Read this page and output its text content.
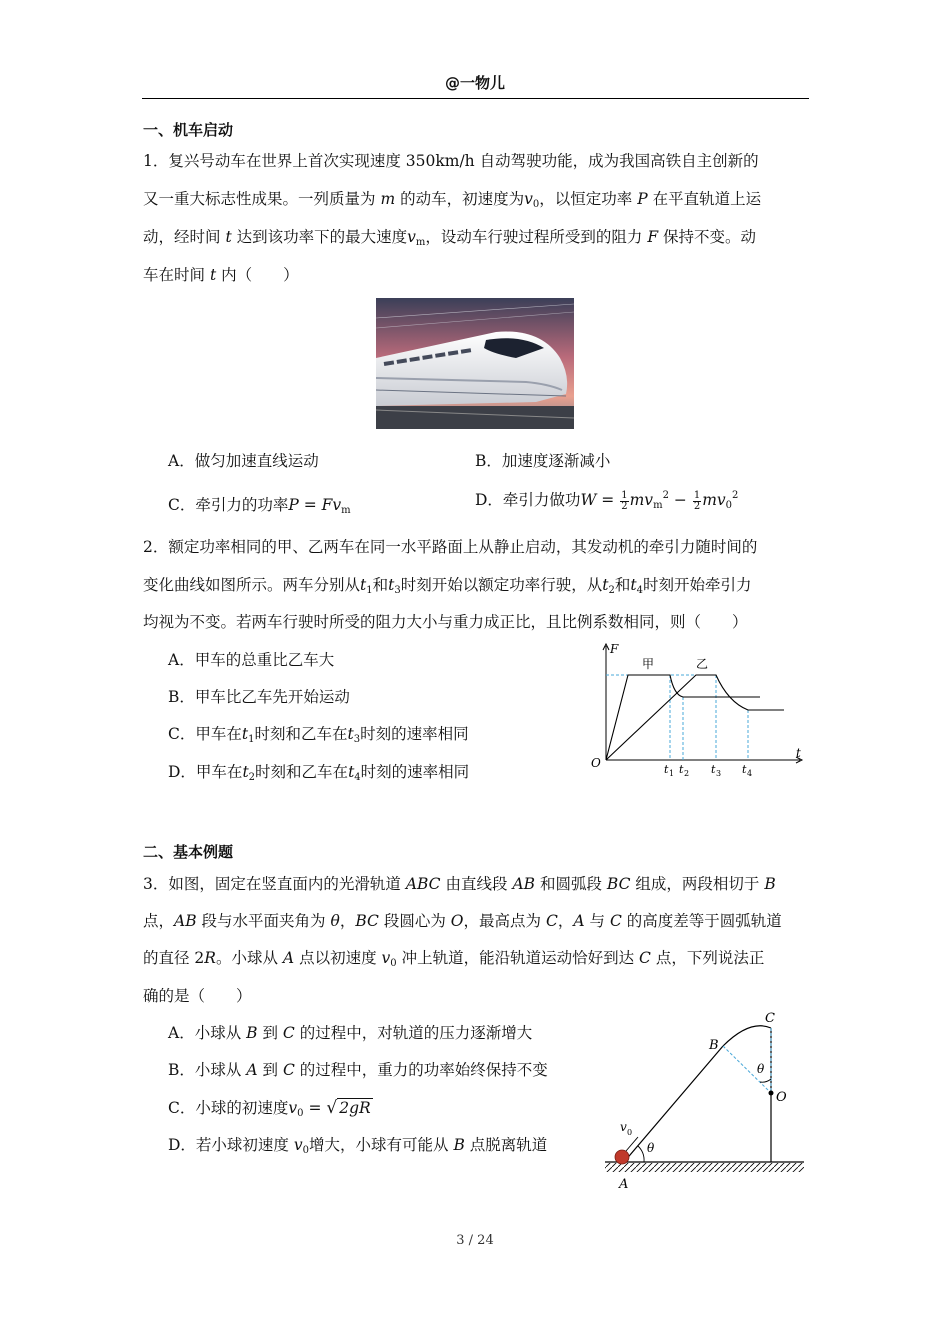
@一物儿
一、机车启动
1．复兴号动车在世界上首次实现速度 350km/h 自动驾驶功能，成为我国高铁自主创新的
又一重大标志性成果。一列质量为 m 的动车，初速度为$v_0$，以恒定功率 P 在平直轨道上运
动，经时间 t 达到该功率下的最大速度$v_m$，设动车行驶过程所受到的阻力 F 保持不变。动
车在时间 t 内（　　）
A．做匀加速直线运动	B．加速度逐渐减小
C．牵引力的功率$P = Fv_m$
D．牵引力做功$W = \frac{1}{2} mv_m^2 - \frac{1}{2} mv_0^2$
2．额定功率相同的甲、乙两车在同一水平路面上从静止启动，其发动机的牵引力随时间的
变化曲线如图所示。两车分别从$t_1$和$t_3$时刻开始以额定功率行驶，从$t_2$和$t_4$时刻开始牵引力
均视为不变。若两车行驶时所受的阻力大小与重力成正比，且比例系数相同，则（　　）
A．甲车的总重比乙车大
B．甲车比乙车先开始运动
C．甲车在$t_1$时刻和乙车在$t_3$时刻的速率相同
D．甲车在$t_2$时刻和乙车在$t_4$时刻的速率相同
F
t
O
甲	乙
t 1 t 2 t 3 t 4
二、基本例题
3．如图，固定在竖直面内的光滑轨道 ABC 由直线段 AB 和圆弧段 BC 组成，两段相切于 B
点，AB 段与水平面夹角为 θ，BC 段圆心为 O，最高点为 C，A 与 C 的高度差等于圆弧轨道
的直径 2R。小球从 A 点以初速度 $v_0$ 冲上轨道，能沿轨道运动恰好到达 C 点，下列说法正
确的是（　　）
A．小球从 B 到 C 的过程中，对轨道的压力逐渐增大
B．小球从 A 到 C 的过程中，重力的功率始终保持不变
C．小球的初速度$v_0$ = √ 2gR
D．若小球初速度 $v_0$增大，小球有可能从 B 点脱离轨道
C
B
θ
O
v 0
θ
A
3 / 24
